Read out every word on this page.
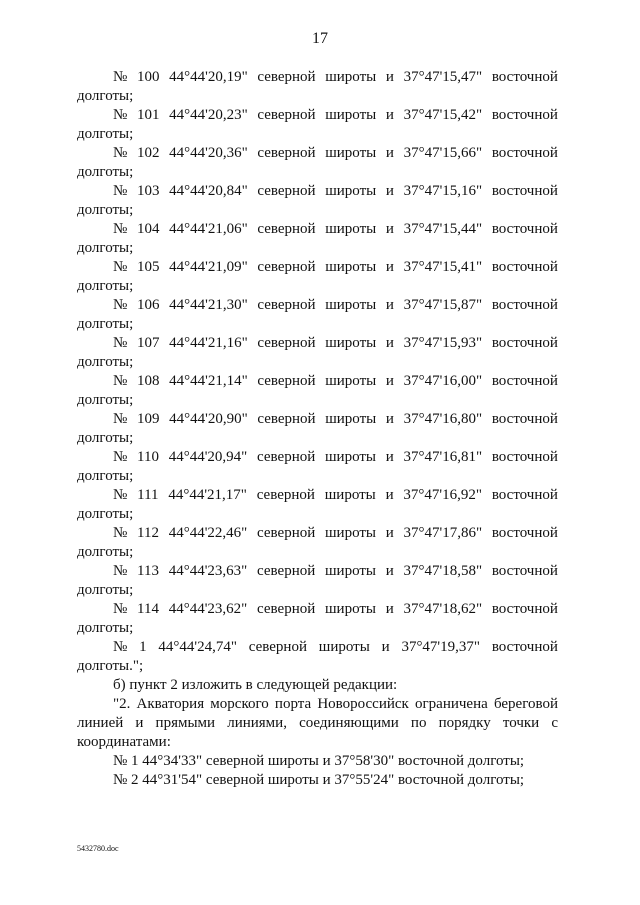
17
№ 100 44°44'20,19" северной широты и 37°47'15,47" восточной
долготы;
№ 101 44°44'20,23" северной широты и 37°47'15,42" восточной
долготы;
№ 102 44°44'20,36" северной широты и 37°47'15,66" восточной
долготы;
№ 103 44°44'20,84" северной широты и 37°47'15,16" восточной
долготы;
№ 104 44°44'21,06" северной широты и 37°47'15,44" восточной
долготы;
№ 105 44°44'21,09" северной широты и 37°47'15,41" восточной
долготы;
№ 106 44°44'21,30" северной широты и 37°47'15,87" восточной
долготы;
№ 107 44°44'21,16" северной широты и 37°47'15,93" восточной
долготы;
№ 108 44°44'21,14" северной широты и 37°47'16,00" восточной
долготы;
№ 109 44°44'20,90" северной широты и 37°47'16,80" восточной
долготы;
№ 110 44°44'20,94" северной широты и 37°47'16,81" восточной
долготы;
№ 111 44°44'21,17" северной широты и 37°47'16,92" восточной
долготы;
№ 112 44°44'22,46" северной широты и 37°47'17,86" восточной
долготы;
№ 113 44°44'23,63" северной широты и 37°47'18,58" восточной
долготы;
№ 114 44°44'23,62" северной широты и 37°47'18,62" восточной
долготы;
№ 1 44°44'24,74" северной широты и 37°47'19,37" восточной
долготы.";
б) пункт 2 изложить в следующей редакции:
"2. Акватория морского порта Новороссийск ограничена береговой линией и прямыми линиями, соединяющими по порядку точки с координатами:
№ 1 44°34'33" северной широты и 37°58'30" восточной долготы;
№ 2 44°31'54" северной широты и 37°55'24" восточной долготы;
5432780.doc
